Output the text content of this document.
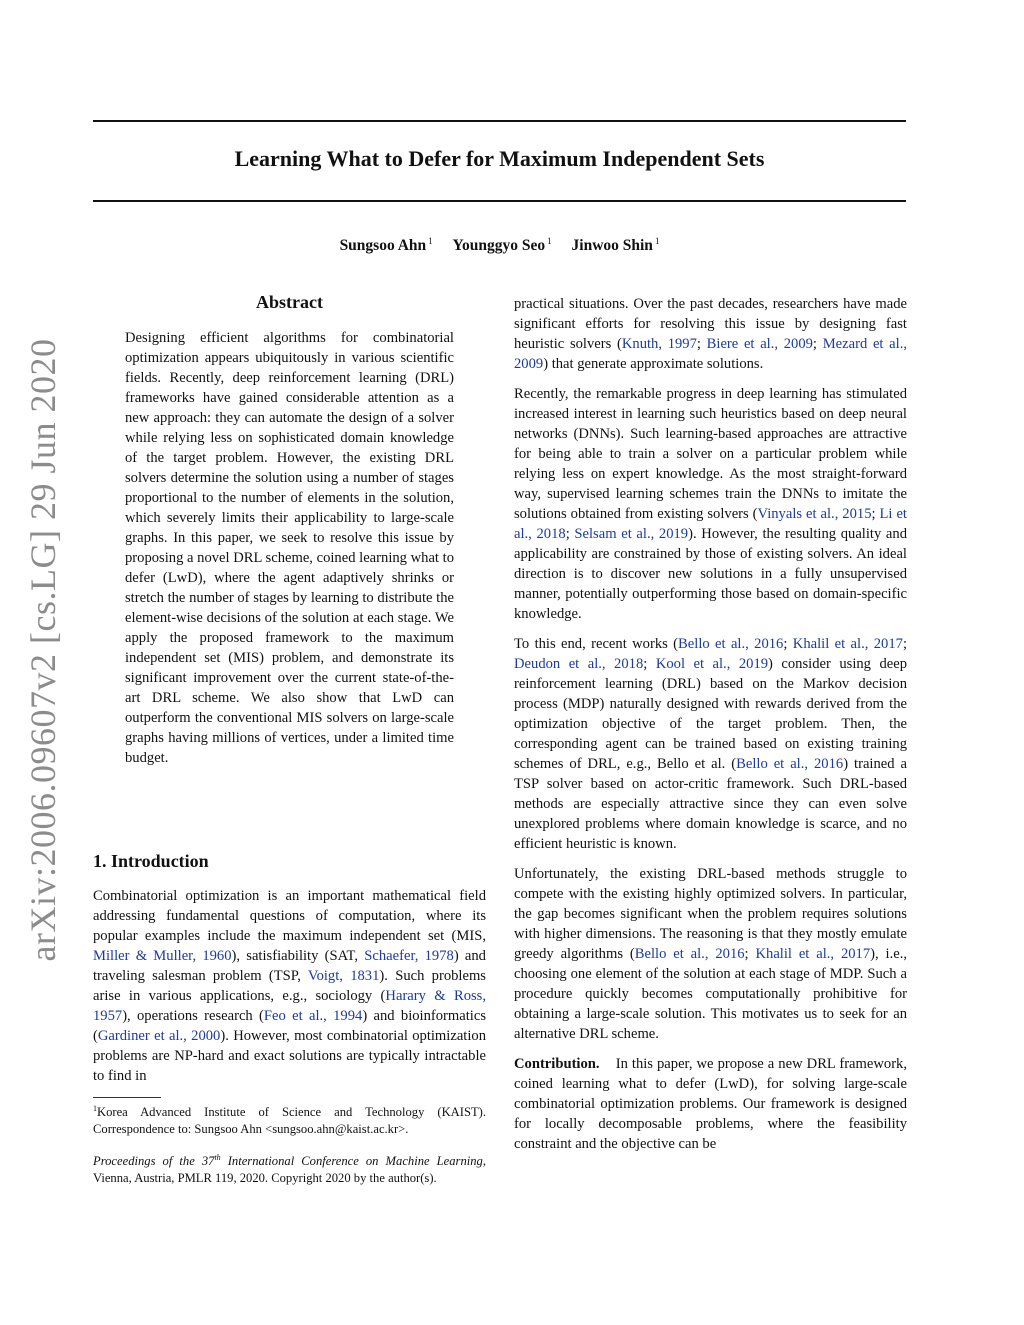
Learning What to Defer for Maximum Independent Sets
Sungsoo Ahn $^1$ Younggyo Seo $^1$ Jinwoo Shin $^1$
arXiv:2006.09607v2 [cs.LG] 29 Jun 2020
Abstract

Designing efficient algorithms for combinatorial optimization appears ubiquitously in various scientific fields. Recently, deep reinforcement learning (DRL) frameworks have gained considerable attention as a new approach: they can automate the design of a solver while relying less on sophisticated domain knowledge of the target problem. However, the existing DRL solvers determine the solution using a number of stages proportional to the number of elements in the solution, which severely limits their applicability to large-scale graphs. In this paper, we seek to resolve this issue by proposing a novel DRL scheme, coined learning what to defer (LwD), where the agent adaptively shrinks or stretch the number of stages by learning to distribute the element-wise decisions of the solution at each stage. We apply the proposed framework to the maximum independent set (MIS) problem, and demonstrate its significant improvement over the current state-of-the-art DRL scheme. We also show that LwD can outperform the conventional MIS solvers on large-scale graphs having millions of vertices, under a limited time budget.

1. Introduction

Combinatorial optimization is an important mathematical field addressing fundamental questions of computation, where its popular examples include the maximum independent set (MIS, Miller & Muller, 1960), satisfiability (SAT, Schaefer, 1978) and traveling salesman problem (TSP, Voigt, 1831). Such problems arise in various applications, e.g., sociology (Harary & Ross, 1957), operations research (Feo et al., 1994) and bioinformatics (Gardiner et al., 2000). However, most combinatorial optimization problems are NP-hard and exact solutions are typically intractable to find in

$^1$Korea Advanced Institute of Science and Technology (KAIST). Correspondence to: Sungsoo Ahn <sungsoo.ahn@kaist.ac.kr>.
Proceedings of the 37th International Conference on Machine Learning, Vienna, Austria, PMLR 119, 2020. Copyright 2020 by the author(s).

practical situations. Over the past decades, researchers have made significant efforts for resolving this issue by designing fast heuristic solvers (Knuth, 1997; Biere et al., 2009; Mezard et al., 2009) that generate approximate solutions.

Recently, the remarkable progress in deep learning has stimulated increased interest in learning such heuristics based on deep neural networks (DNNs). Such learning-based approaches are attractive for being able to train a solver on a particular problem while relying less on expert knowledge. As the most straight-forward way, supervised learning schemes train the DNNs to imitate the solutions obtained from existing solvers (Vinyals et al., 2015; Li et al., 2018; Selsam et al., 2019). However, the resulting quality and applicability are constrained by those of existing solvers. An ideal direction is to discover new solutions in a fully unsupervised manner, potentially outperforming those based on domain-specific knowledge.

To this end, recent works (Bello et al., 2016; Khalil et al., 2017; Deudon et al., 2018; Kool et al., 2019) consider using deep reinforcement learning (DRL) based on the Markov decision process (MDP) naturally designed with rewards derived from the optimization objective of the target problem. Then, the corresponding agent can be trained based on existing training schemes of DRL, e.g., Bello et al. (Bello et al., 2016) trained a TSP solver based on actor-critic framework. Such DRL-based methods are especially attractive since they can even solve unexplored problems where domain knowledge is scarce, and no efficient heuristic is known.

Unfortunately, the existing DRL-based methods struggle to compete with the existing highly optimized solvers. In particular, the gap becomes significant when the problem requires solutions with higher dimensions. The reasoning is that they mostly emulate greedy algorithms (Bello et al., 2016; Khalil et al., 2017), i.e., choosing one element of the solution at each stage of MDP. Such a procedure quickly becomes computationally prohibitive for obtaining a large-scale solution. This motivates us to seek for an alternative DRL scheme.

Contribution. In this paper, we propose a new DRL framework, coined learning what to defer (LwD), for solving large-scale combinatorial optimization problems. Our framework is designed for locally decomposable problems, where the feasibility constraint and the objective can be
